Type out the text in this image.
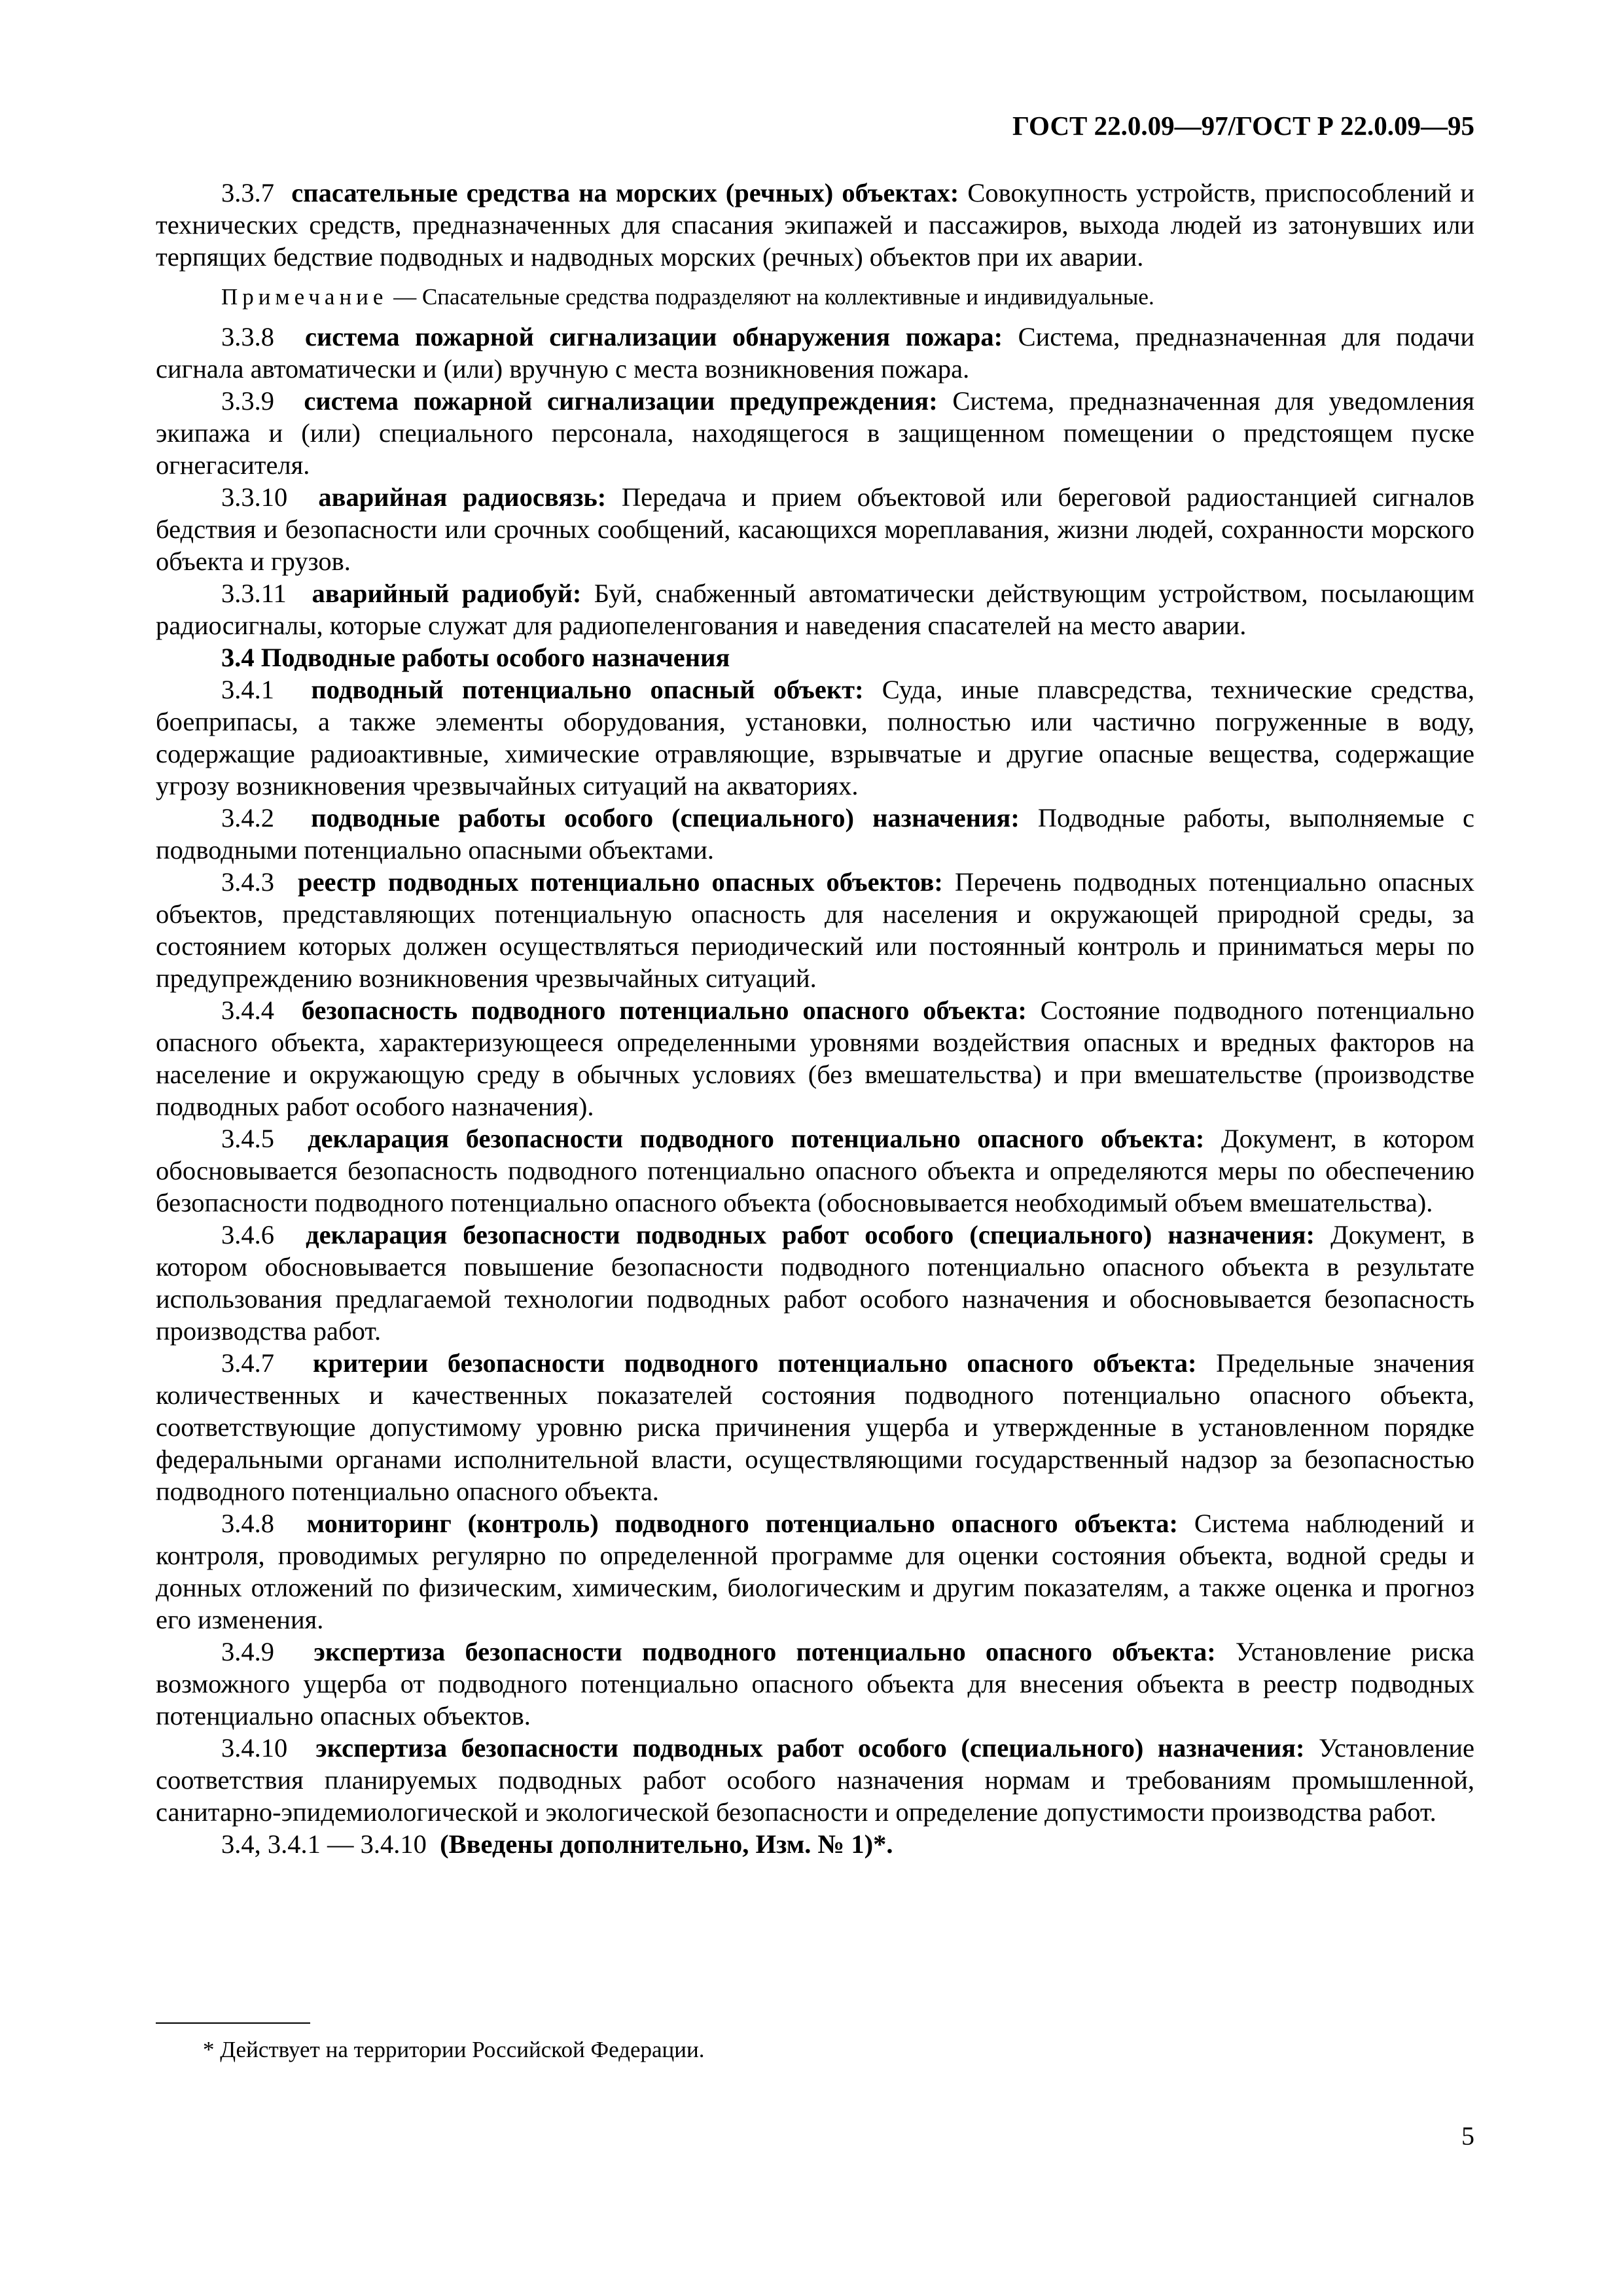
ГОСТ 22.0.09—97/ГОСТ Р 22.0.09—95

3.3.7 спасательные средства на морских (речных) объектах: Совокупность устройств, приспособлений и технических средств, предназначенных для спасания экипажей и пассажиров, выхода людей из затонувших или терпящих бедствие подводных и надводных морских (речных) объектов при их аварии.

Примечание — Спасательные средства подразделяют на коллективные и индивидуальные.

3.3.8 система пожарной сигнализации обнаружения пожара: Система, предназначенная для подачи сигнала автоматически и (или) вручную с места возникновения пожара.

3.3.9 система пожарной сигнализации предупреждения: Система, предназначенная для уведомления экипажа и (или) специального персонала, находящегося в защищенном помещении о предстоящем пуске огнегасителя.

3.3.10 аварийная радиосвязь: Передача и прием объектовой или береговой радиостанцией сигналов бедствия и безопасности или срочных сообщений, касающихся мореплавания, жизни людей, сохранности морского объекта и грузов.

3.3.11 аварийный радиобуй: Буй, снабженный автоматически действующим устройством, посылающим радиосигналы, которые служат для радиопеленгования и наведения спасателей на место аварии.

3.4 Подводные работы особого назначения

3.4.1 подводный потенциально опасный объект: Суда, иные плавсредства, технические средства, боеприпасы, а также элементы оборудования, установки, полностью или частично погруженные в воду, содержащие радиоактивные, химические отравляющие, взрывчатые и другие опасные вещества, содержащие угрозу возникновения чрезвычайных ситуаций на акваториях.

3.4.2 подводные работы особого (специального) назначения: Подводные работы, выполняемые с подводными потенциально опасными объектами.

3.4.3 реестр подводных потенциально опасных объектов: Перечень подводных потенциально опасных объектов, представляющих потенциальную опасность для населения и окружающей природной среды, за состоянием которых должен осуществляться периодический или постоянный контроль и приниматься меры по предупреждению возникновения чрезвычайных ситуаций.

3.4.4 безопасность подводного потенциально опасного объекта: Состояние подводного потенциально опасного объекта, характеризующееся определенными уровнями воздействия опасных и вредных факторов на население и окружающую среду в обычных условиях (без вмешательства) и при вмешательстве (производстве подводных работ особого назначения).

3.4.5 декларация безопасности подводного потенциально опасного объекта: Документ, в котором обосновывается безопасность подводного потенциально опасного объекта и определяются меры по обеспечению безопасности подводного потенциально опасного объекта (обосновывается необходимый объем вмешательства).

3.4.6 декларация безопасности подводных работ особого (специального) назначения: Документ, в котором обосновывается повышение безопасности подводного потенциально опасного объекта в результате использования предлагаемой технологии подводных работ особого назначения и обосновывается безопасность производства работ.

3.4.7 критерии безопасности подводного потенциально опасного объекта: Предельные значения количественных и качественных показателей состояния подводного потенциально опасного объекта, соответствующие допустимому уровню риска причинения ущерба и утвержденные в установленном порядке федеральными органами исполнительной власти, осуществляющими государственный надзор за безопасностью подводного потенциально опасного объекта.

3.4.8 мониторинг (контроль) подводного потенциально опасного объекта: Система наблюдений и контроля, проводимых регулярно по определенной программе для оценки состояния объекта, водной среды и донных отложений по физическим, химическим, биологическим и другим показателям, а также оценка и прогноз его изменения.

3.4.9 экспертиза безопасности подводного потенциально опасного объекта: Установление риска возможного ущерба от подводного потенциально опасного объекта для внесения объекта в реестр подводных потенциально опасных объектов.

3.4.10 экспертиза безопасности подводных работ особого (специального) назначения: Установление соответствия планируемых подводных работ особого назначения нормам и требованиям промышленной, санитарно-эпидемиологической и экологической безопасности и определение допустимости производства работ.

3.4, 3.4.1 — 3.4.10 (Введены дополнительно, Изм. № 1)*.

* Действует на территории Российской Федерации.
5
